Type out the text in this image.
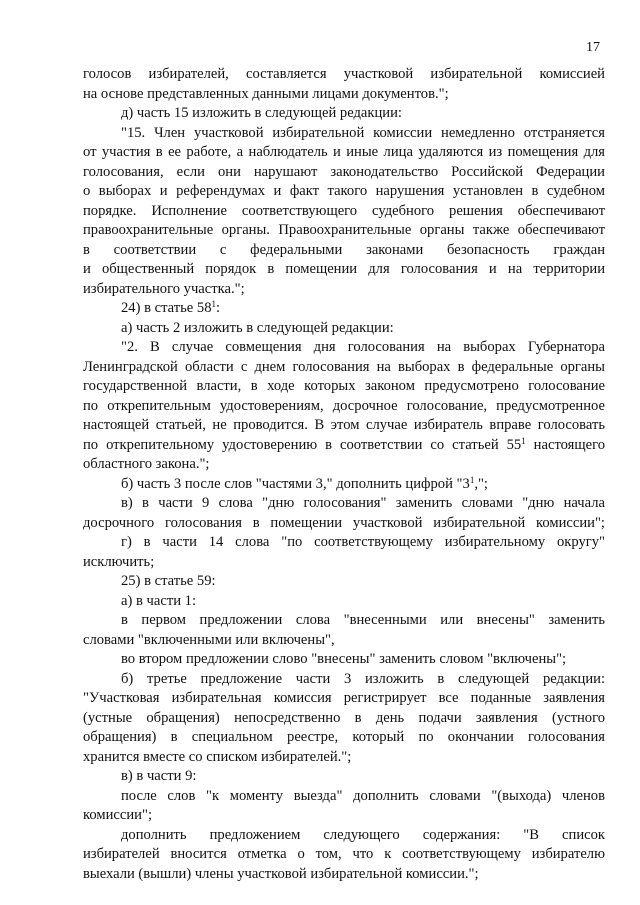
17
голосов избирателей, составляется участковой избирательной комиссией
на основе представленных данными лицами документов.";
д) часть 15 изложить в следующей редакции:
"15. Член участковой избирательной комиссии немедленно отстраняется
от участия в ее работе, а наблюдатель и иные лица удаляются из помещения для
голосования, если они нарушают законодательство Российской Федерации
о выборах и референдумах и факт такого нарушения установлен в судебном
порядке. Исполнение соответствующего судебного решения обеспечивают
правоохранительные органы. Правоохранительные органы также обеспечивают
в соответствии с федеральными законами безопасность граждан
и общественный порядок в помещении для голосования и на территории
избирательного участка.";
24) в статье $58^1$:
а) часть 2 изложить в следующей редакции:
"2. В случае совмещения дня голосования на выборах Губернатора
Ленинградской области с днем голосования на выборах в федеральные органы
государственной власти, в ходе которых законом предусмотрено голосование
по открепительным удостоверениям, досрочное голосование, предусмотренное
настоящей статьей, не проводится. В этом случае избиратель вправе голосовать
по открепительному удостоверению в соответствии со статьей $55^1$ настоящего
областного закона.";
б) часть 3 после слов "частями 3," дополнить цифрой "$3^1$,";
в) в части 9 слова "дню голосования" заменить словами "дню начала
досрочного голосования в помещении участковой избирательной комиссии";
г) в части 14 слова "по соответствующему избирательному округу"
исключить;
25) в статье 59:
а) в части 1:
в первом предложении слова "внесенными или внесены" заменить
словами "включенными или включены",
во втором предложении слово "внесены" заменить словом "включены";
б) третье предложение части 3 изложить в следующей редакции:
"Участковая избирательная комиссия регистрирует все поданные заявления
(устные обращения) непосредственно в день подачи заявления (устного
обращения) в специальном реестре, который по окончании голосования
хранится вместе со списком избирателей.";
в) в части 9:
после слов "к моменту выезда" дополнить словами "(выхода) членов
комиссии";
дополнить предложением следующего содержания: "В список
избирателей вносится отметка о том, что к соответствующему избирателю
выехали (вышли) члены участковой избирательной комиссии.";
